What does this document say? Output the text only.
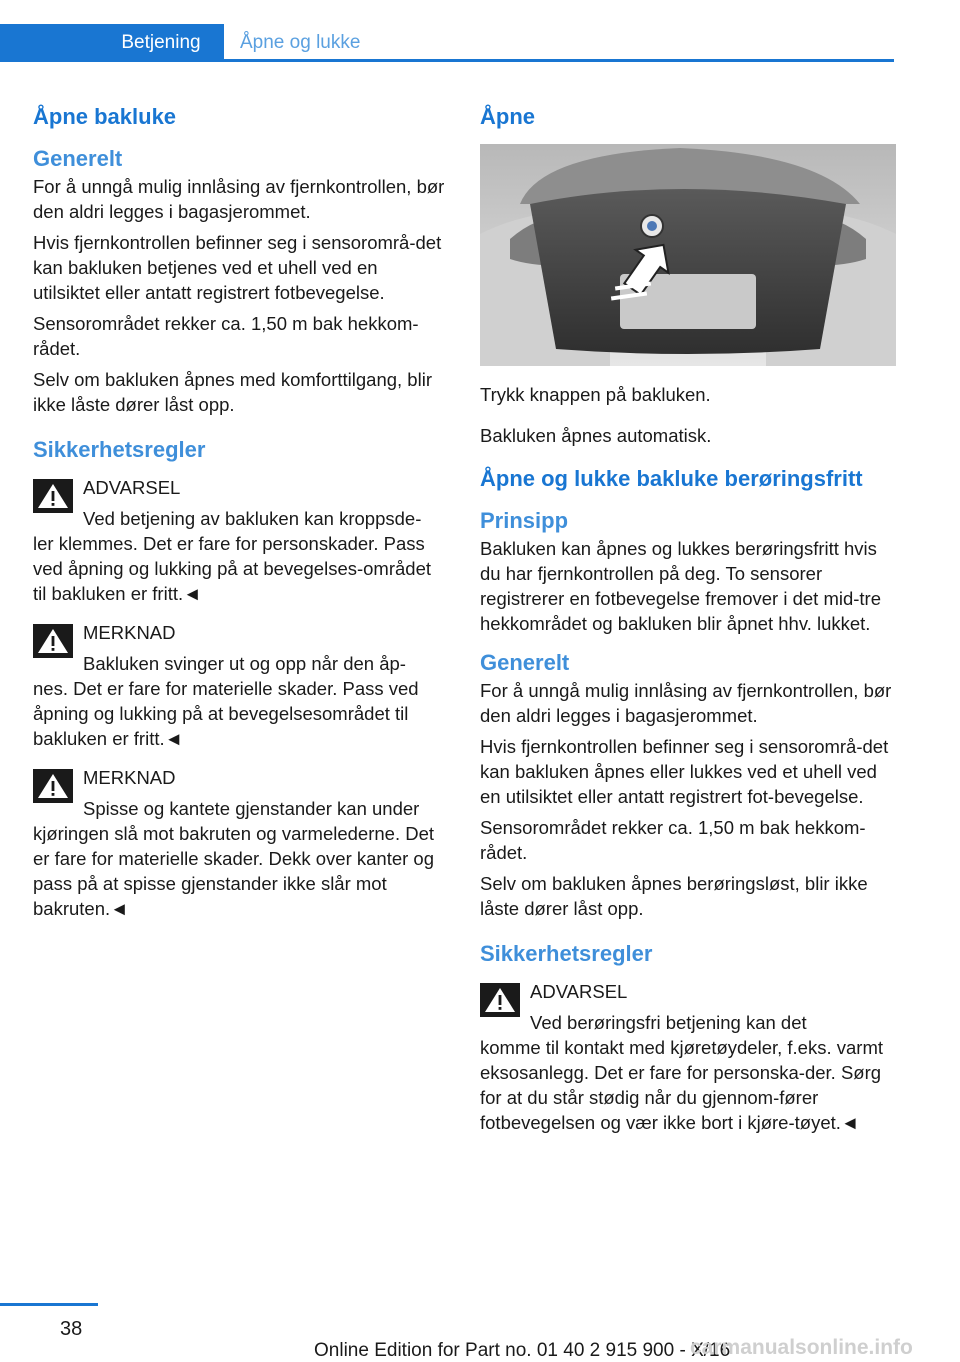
Betjening	Åpne og lukke
Åpne bakluke
Generelt

For å unngå mulig innlåsing av fjernkontrollen, bør den aldri legges i bagasjerommet.

Hvis fjernkontrollen befinner seg i sensorområ-det kan bakluken betjenes ved et uhell ved en utilsiktet eller antatt registrert fotbevegelse.

Sensorområdet rekker ca. 1,50 m bak hekkom-rådet.

Selv om bakluken åpnes med komforttilgang, blir ikke låste dører låst opp.

Sikkerhetsregler
ADVARSEL
Ved betjening av bakluken kan kroppsde-
ler klemmes. Det er fare for personskader. Pass ved åpning og lukking på at bevegelses-området til bakluken er fritt.◄
MERKNAD
Bakluken svinger ut og opp når den åp-
nes. Det er fare for materielle skader. Pass ved åpning og lukking på at bevegelsesområdet til bakluken er fritt.◄
MERKNAD
Spisse og kantete gjenstander kan under
kjøringen slå mot bakruten og varmelederne. Det er fare for materielle skader. Dekk over kanter og pass på at spisse gjenstander ikke slår mot bakruten.◄
Åpne

Trykk knappen på bakluken.

Bakluken åpnes automatisk.

Åpne og lukke bakluke berøringsfritt
Prinsipp

Bakluken kan åpnes og lukkes berøringsfritt hvis du har fjernkontrollen på deg. To sensorer registrerer en fotbevegelse fremover i det mid-tre hekkområdet og bakluken blir åpnet hhv. lukket.

Generelt

For å unngå mulig innlåsing av fjernkontrollen, bør den aldri legges i bagasjerommet.

Hvis fjernkontrollen befinner seg i sensorområ-det kan bakluken åpnes eller lukkes ved et uhell ved en utilsiktet eller antatt registrert fot-bevegelse.

Sensorområdet rekker ca. 1,50 m bak hekkom-rådet.

Selv om bakluken åpnes berøringsløst, blir ikke låste dører låst opp.

Sikkerhetsregler
ADVARSEL
Ved berøringsfri betjening kan det
komme til kontakt med kjøretøydeler, f.eks. varmt eksosanlegg. Det er fare for personska-der. Sørg for at du står stødig når du gjennom-fører fotbevegelsen og vær ikke bort i kjøre-tøyet.◄
38
Online Edition for Part no. 01 40 2 915 900 - X/16
carmanualsonline.info
